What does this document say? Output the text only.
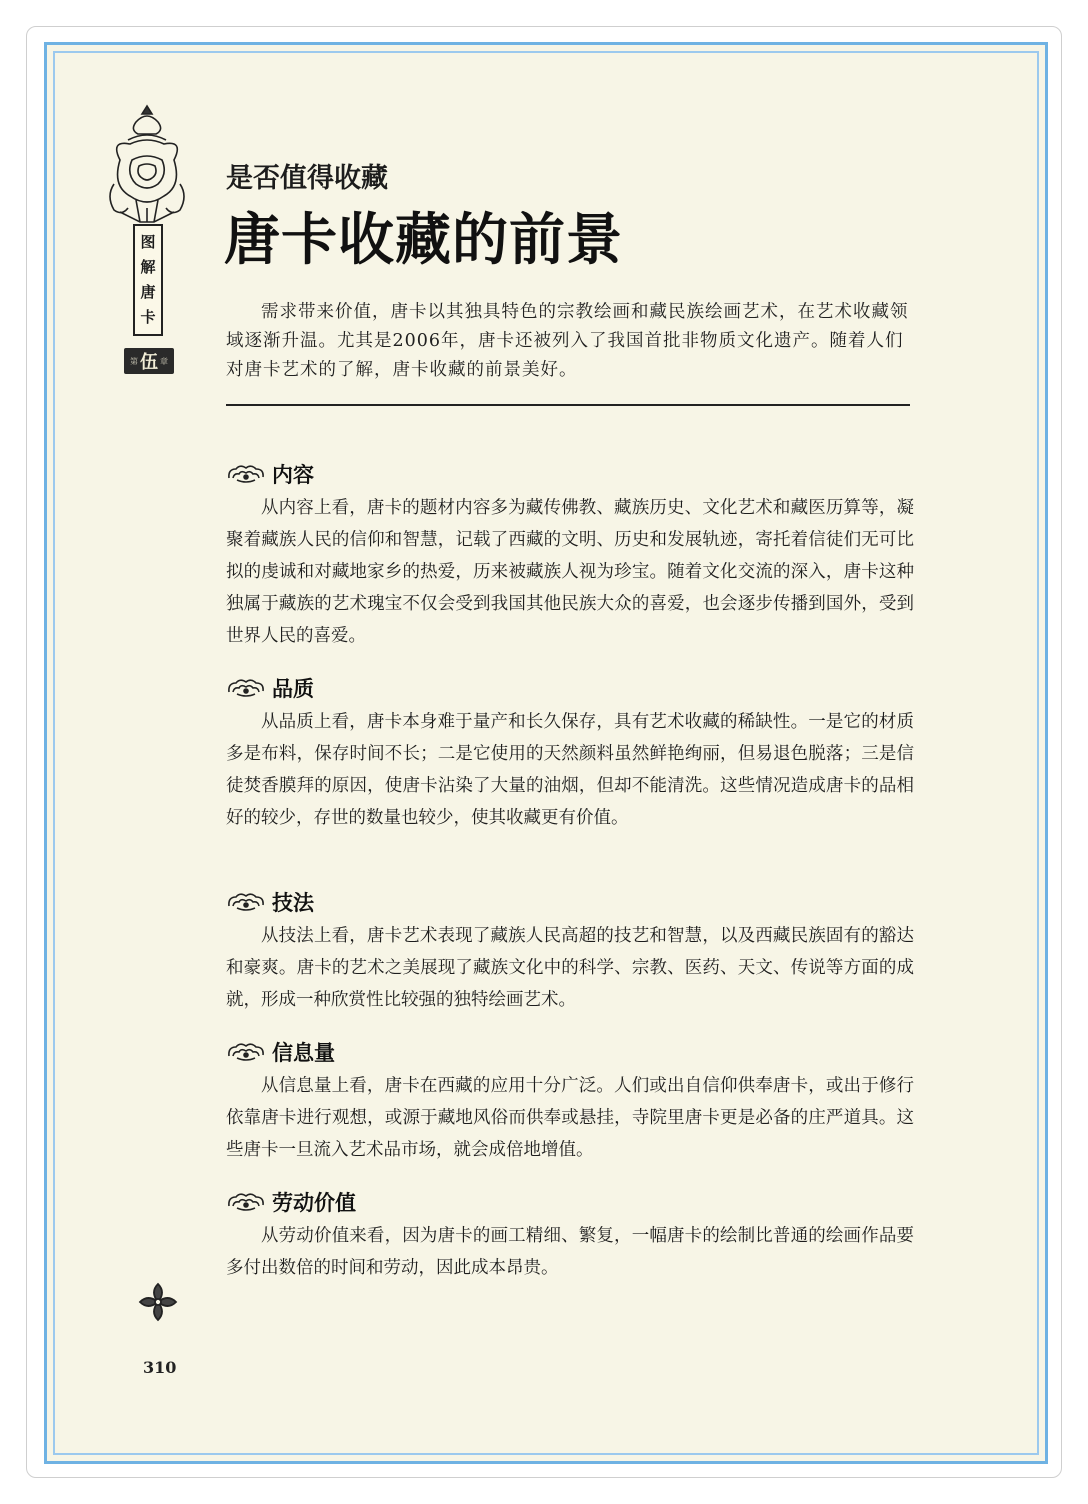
图
解
唐
卡
第 伍 章
是否值得收藏
唐卡收藏的前景

需求带来价值，唐卡以其独具特色的宗教绘画和藏民族绘画艺术，在艺术收藏领域逐渐升温。尤其是2006年，唐卡还被列入了我国首批非物质文化遗产。随着人们对唐卡艺术的了解，唐卡收藏的前景美好。

内容

从内容上看，唐卡的题材内容多为藏传佛教、藏族历史、文化艺术和藏医历算等，凝聚着藏族人民的信仰和智慧，记载了西藏的文明、历史和发展轨迹，寄托着信徒们无可比拟的虔诚和对藏地家乡的热爱，历来被藏族人视为珍宝。随着文化交流的深入，唐卡这种独属于藏族的艺术瑰宝不仅会受到我国其他民族大众的喜爱，也会逐步传播到国外，受到世界人民的喜爱。

品质

从品质上看，唐卡本身难于量产和长久保存，具有艺术收藏的稀缺性。一是它的材质多是布料，保存时间不长；二是它使用的天然颜料虽然鲜艳绚丽，但易退色脱落；三是信徒焚香膜拜的原因，使唐卡沾染了大量的油烟，但却不能清洗。这些情况造成唐卡的品相好的较少，存世的数量也较少，使其收藏更有价值。

技法

从技法上看，唐卡艺术表现了藏族人民高超的技艺和智慧，以及西藏民族固有的豁达和豪爽。唐卡的艺术之美展现了藏族文化中的科学、宗教、医药、天文、传说等方面的成就，形成一种欣赏性比较强的独特绘画艺术。

信息量

从信息量上看，唐卡在西藏的应用十分广泛。人们或出自信仰供奉唐卡，或出于修行依靠唐卡进行观想，或源于藏地风俗而供奉或悬挂，寺院里唐卡更是必备的庄严道具。这些唐卡一旦流入艺术品市场，就会成倍地增值。

劳动价值

从劳动价值来看，因为唐卡的画工精细、繁复，一幅唐卡的绘制比普通的绘画作品要多付出数倍的时间和劳动，因此成本昂贵。

310
